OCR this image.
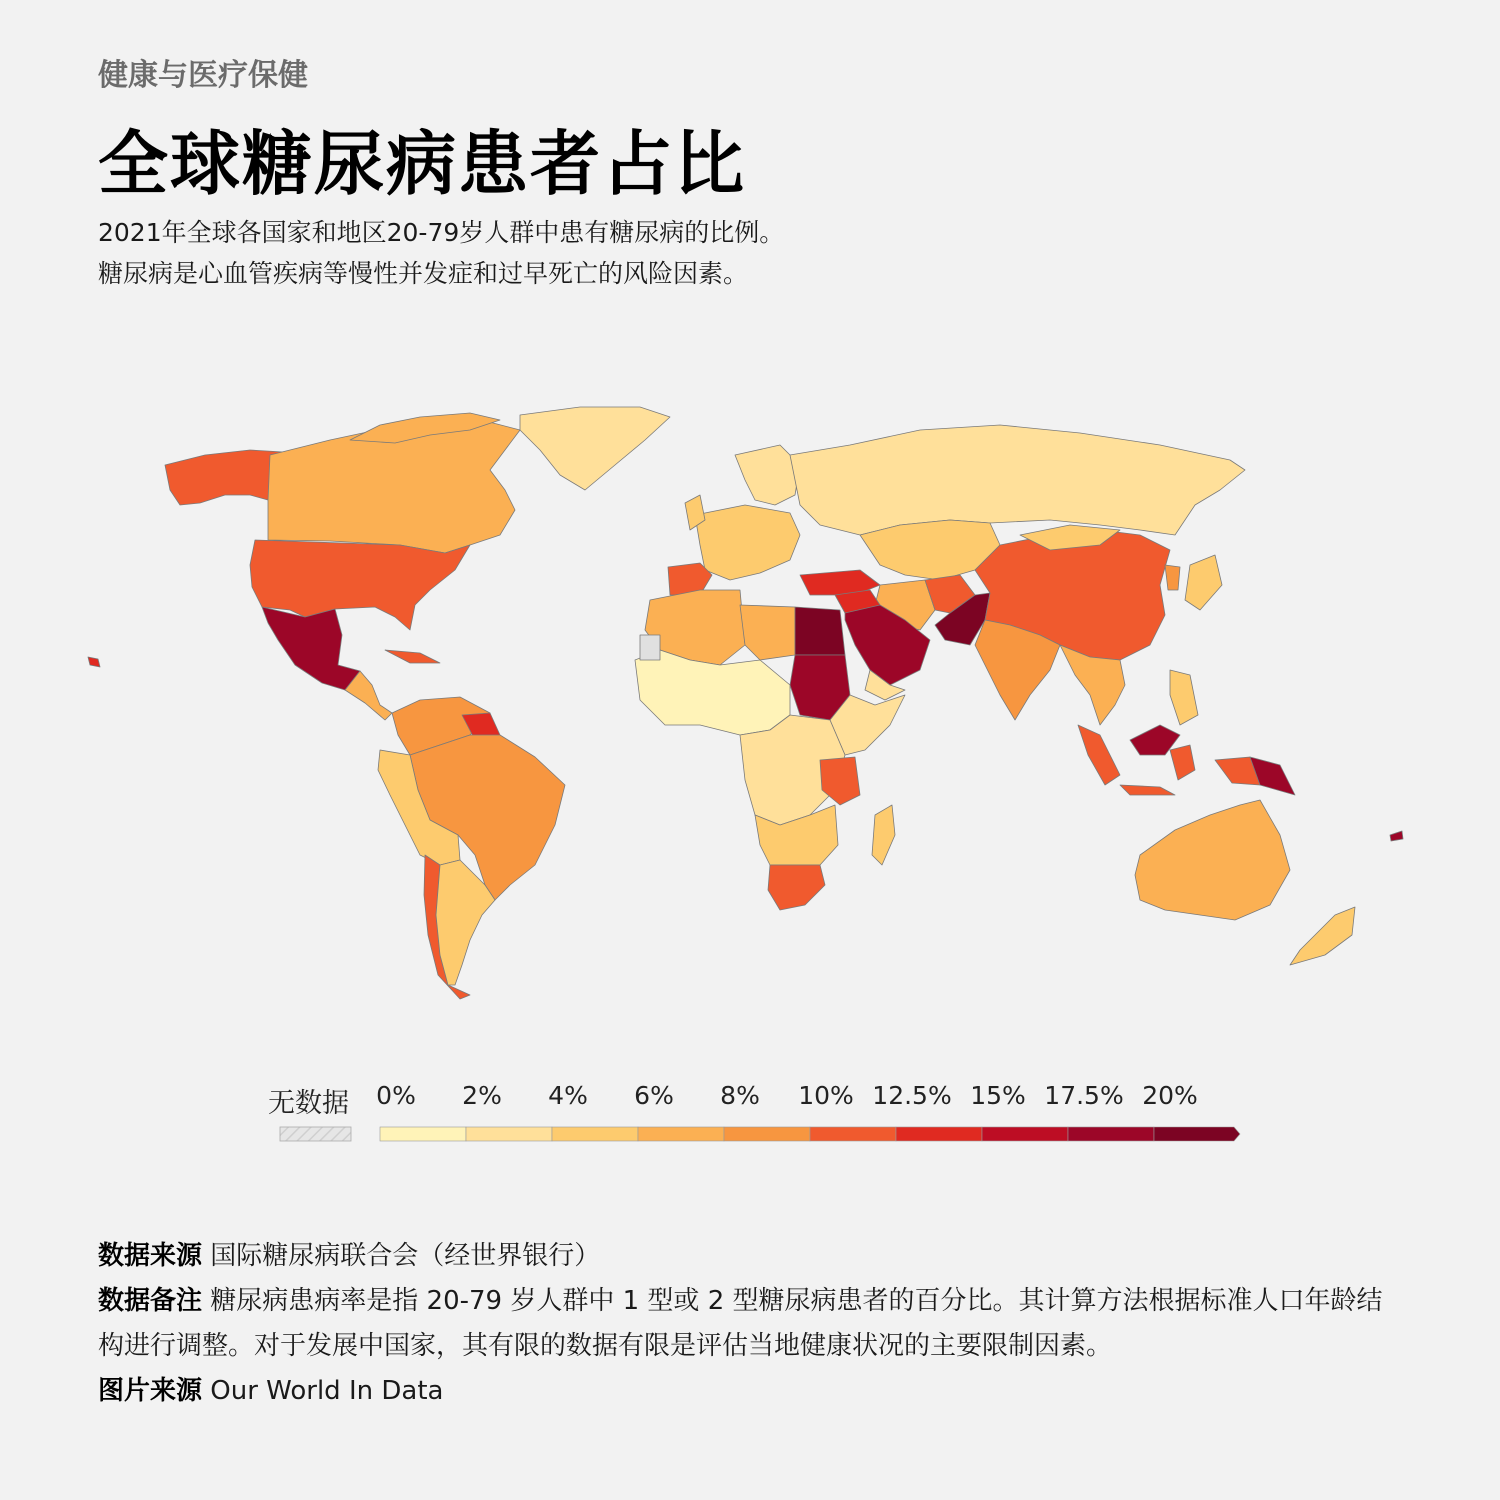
健康与医疗保健
全球糖尿病患者占比
2021年全球各国家和地区20-79岁人群中患有糖尿病的比例。
糖尿病是心血管疾病等慢性并发症和过早死亡的风险因素。
无数据 0% 2% 4% 6% 8% 10% 12.5% 15% 17.5% 20%
数据来源 国际糖尿病联合会（经世界银行）
数据备注 糖尿病患病率是指 20-79 岁人群中 1 型或 2 型糖尿病患者的百分比。其计算方法根据标准人口年龄结构进行调整。对于发展中国家，其有限的数据有限是评估当地健康状况的主要限制因素。
图片来源 Our World In Data
